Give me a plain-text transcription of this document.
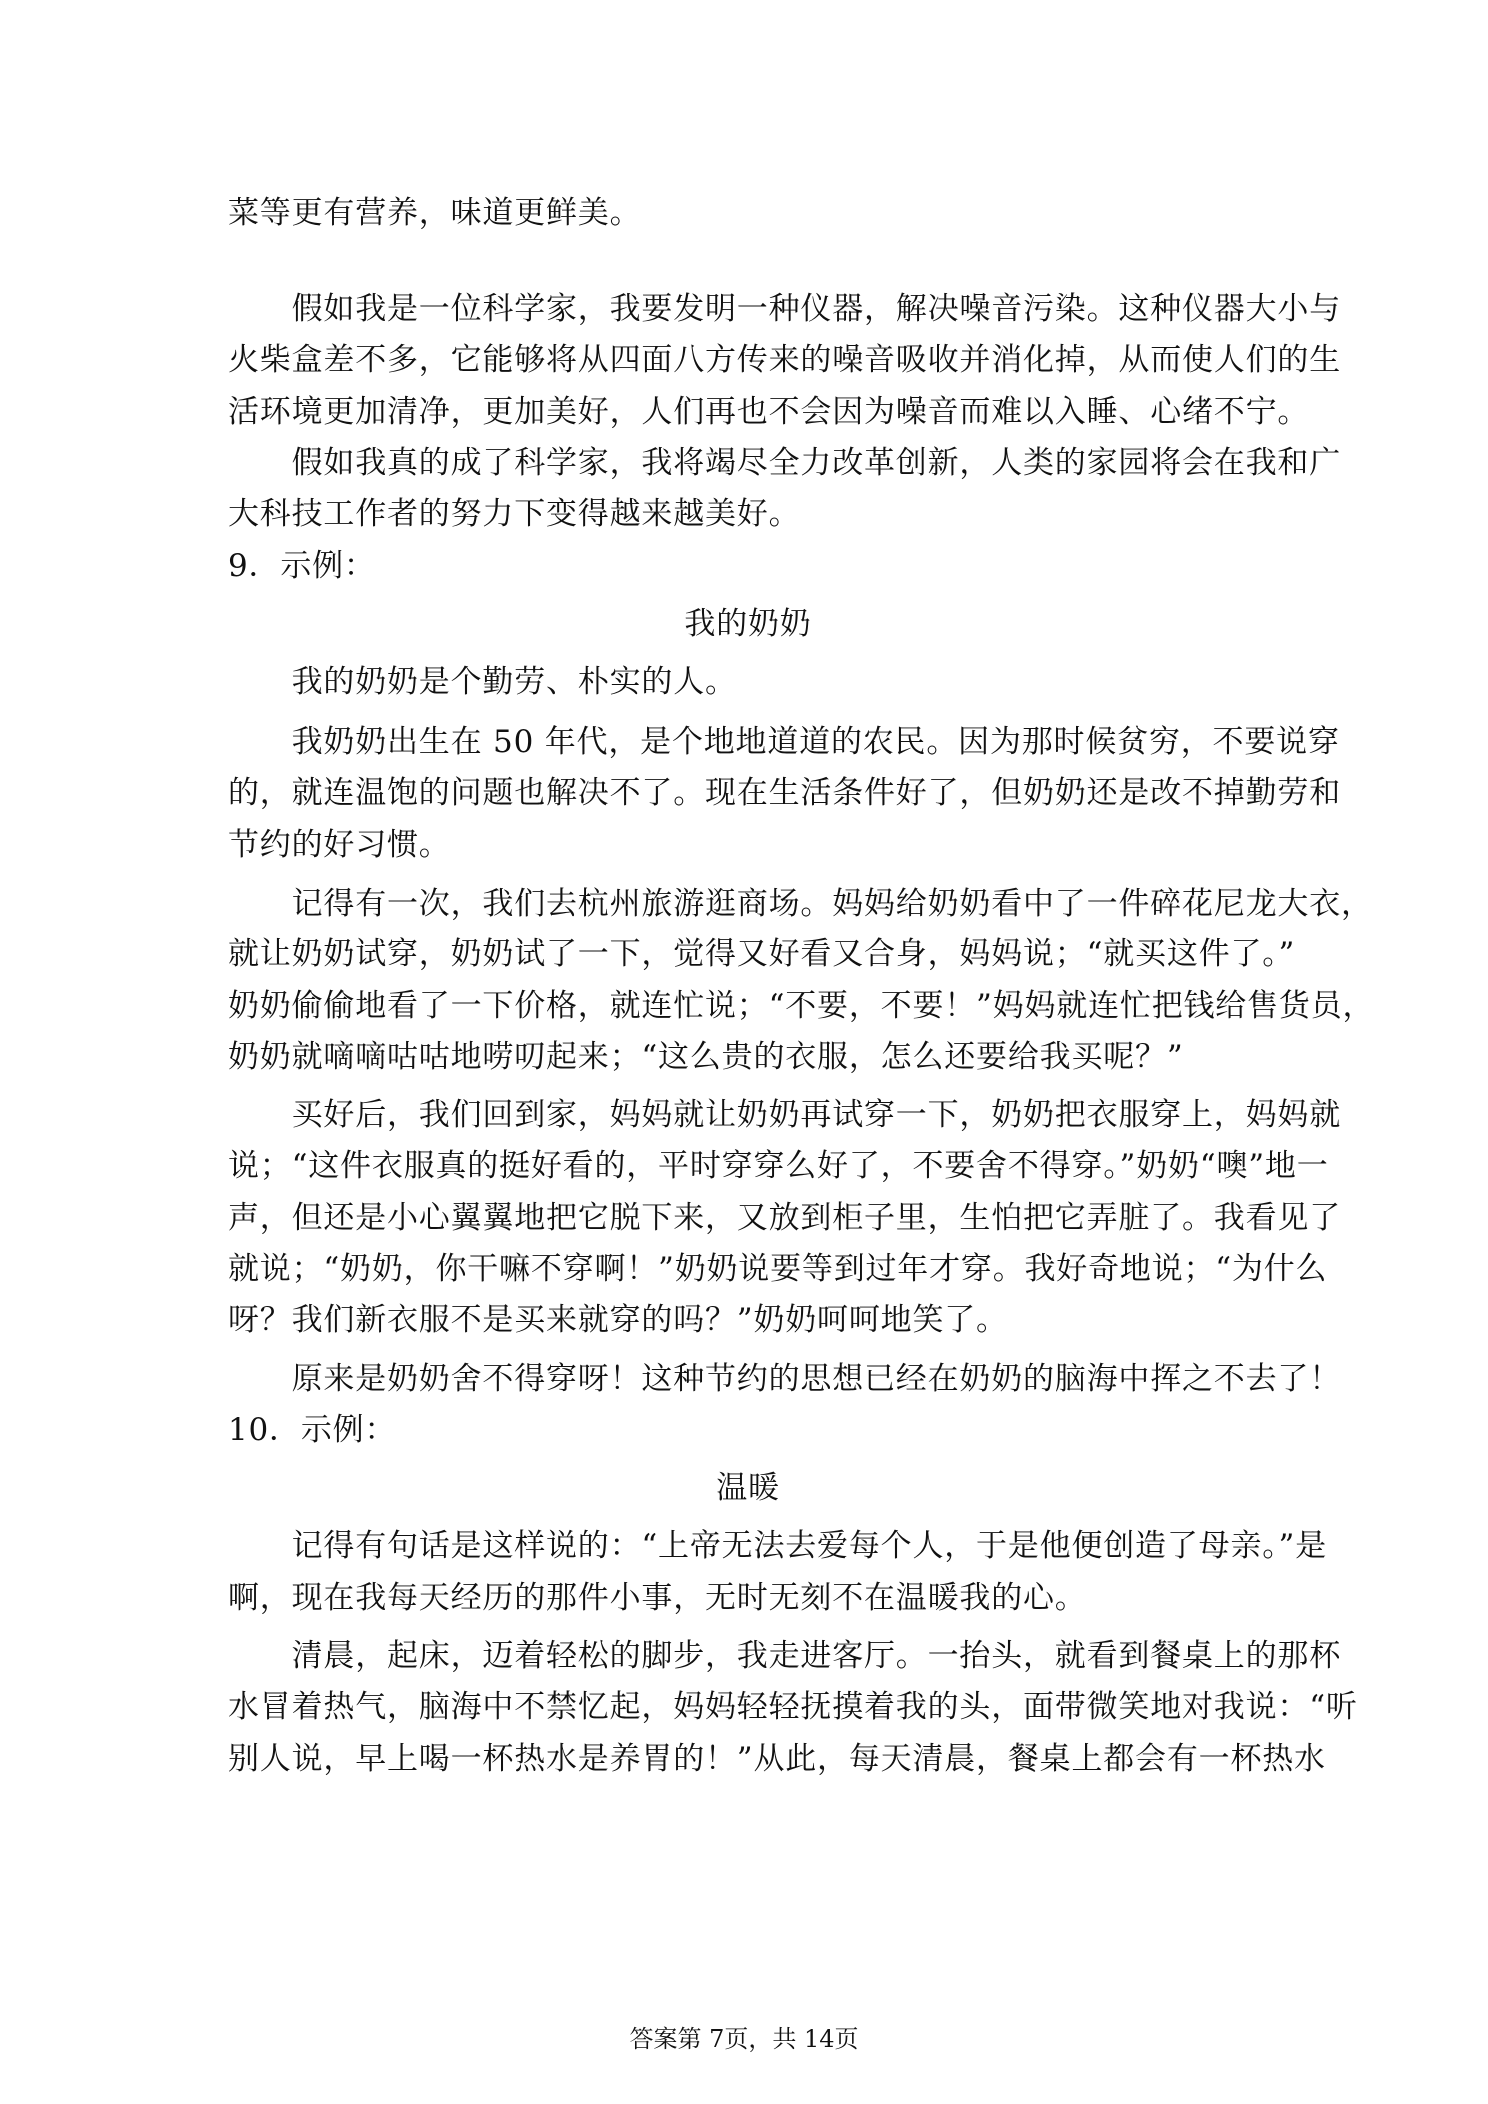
菜等更有营养，味道更鲜美。
　　假如我是一位科学家，我要发明一种仪器，解决噪音污染。这种仪器大小与
火柴盒差不多，它能够将从四面八方传来的噪音吸收并消化掉，从而使人们的生
活环境更加清净，更加美好，人们再也不会因为噪音而难以入睡、心绪不宁。
　　假如我真的成了科学家，我将竭尽全力改革创新，人类的家园将会在我和广
大科技工作者的努力下变得越来越美好。
9．示例：
我的奶奶
　　我的奶奶是个勤劳、朴实的人。
　　我奶奶出生在 50 年代，是个地地道道的农民。因为那时候贫穷，不要说穿
的，就连温饱的问题也解决不了。现在生活条件好了，但奶奶还是改不掉勤劳和
节约的好习惯。
　　记得有一次，我们去杭州旅游逛商场。妈妈给奶奶看中了一件碎花尼龙大衣，
就让奶奶试穿，奶奶试了一下，觉得又好看又合身，妈妈说；“就买这件了。”
奶奶偷偷地看了一下价格，就连忙说；“不要，不要！”妈妈就连忙把钱给售货员，
奶奶就嘀嘀咕咕地唠叨起来；“这么贵的衣服，怎么还要给我买呢？”
　　买好后，我们回到家，妈妈就让奶奶再试穿一下，奶奶把衣服穿上，妈妈就
说；“这件衣服真的挺好看的，平时穿穿么好了，不要舍不得穿。”奶奶“噢”地一
声，但还是小心翼翼地把它脱下来，又放到柜子里，生怕把它弄脏了。我看见了
就说；“奶奶，你干嘛不穿啊！”奶奶说要等到过年才穿。我好奇地说；“为什么
呀？我们新衣服不是买来就穿的吗？”奶奶呵呵地笑了。
　　原来是奶奶舍不得穿呀！这种节约的思想已经在奶奶的脑海中挥之不去了！
10．示例：
温暖
　　记得有句话是这样说的：“上帝无法去爱每个人，于是他便创造了母亲。”是
啊，现在我每天经历的那件小事，无时无刻不在温暖我的心。
　　清晨，起床，迈着轻松的脚步，我走进客厅。一抬头，就看到餐桌上的那杯
水冒着热气，脑海中不禁忆起，妈妈轻轻抚摸着我的头，面带微笑地对我说：“听
别人说，早上喝一杯热水是养胃的！”从此，每天清晨，餐桌上都会有一杯热水
答案第 7页，共 14页
